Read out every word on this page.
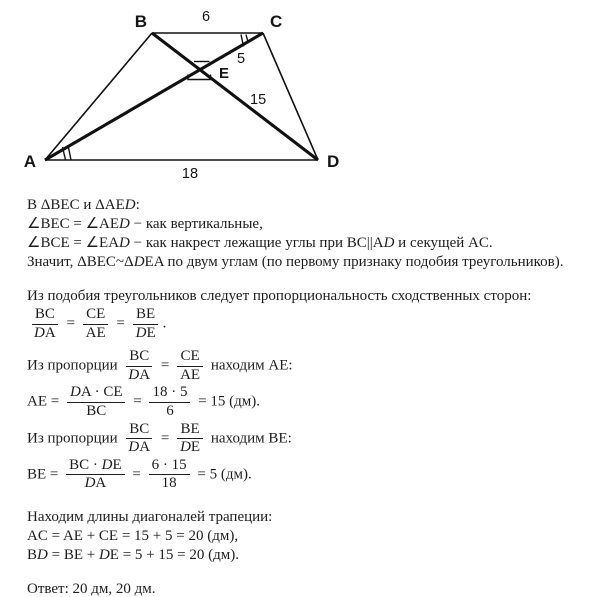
A
B	C
D
E
6
5
15
18
В ΔBEC и ΔAED:
∠BEC = ∠AED − как вертикальные,
∠BCE = ∠EAD − как накрест лежащие углы при BC||AD и секущей AC.
Значит, ΔBEC~ΔDEA по двум углам (по первому признаку подобия треугольников).
Из подобия треугольников следует пропорциональность сходственных сторон:
$\frac{BC}{DA} = \frac{CE}{AE} = \frac{BE}{DE}$ .
Из пропорции $\frac{BC}{DA} = \frac{CE}{AE}$ находим AE:
AE = $\frac{DA \cdot CE}{BC} = \frac{18 \cdot 5}{6} = 15$ (дм).
Из пропорции $\frac{BC}{DA} = \frac{BE}{DE}$ находим BE:
BE = $\frac{BC \cdot DE}{DA} = \frac{6 \cdot 15}{18} = 5$ (дм).
Находим длины диагоналей трапеции:
AC = AE + CE = 15 + 5 = 20 (дм),
BD = BE + DE = 5 + 15 = 20 (дм).
Ответ: 20 дм, 20 дм.
